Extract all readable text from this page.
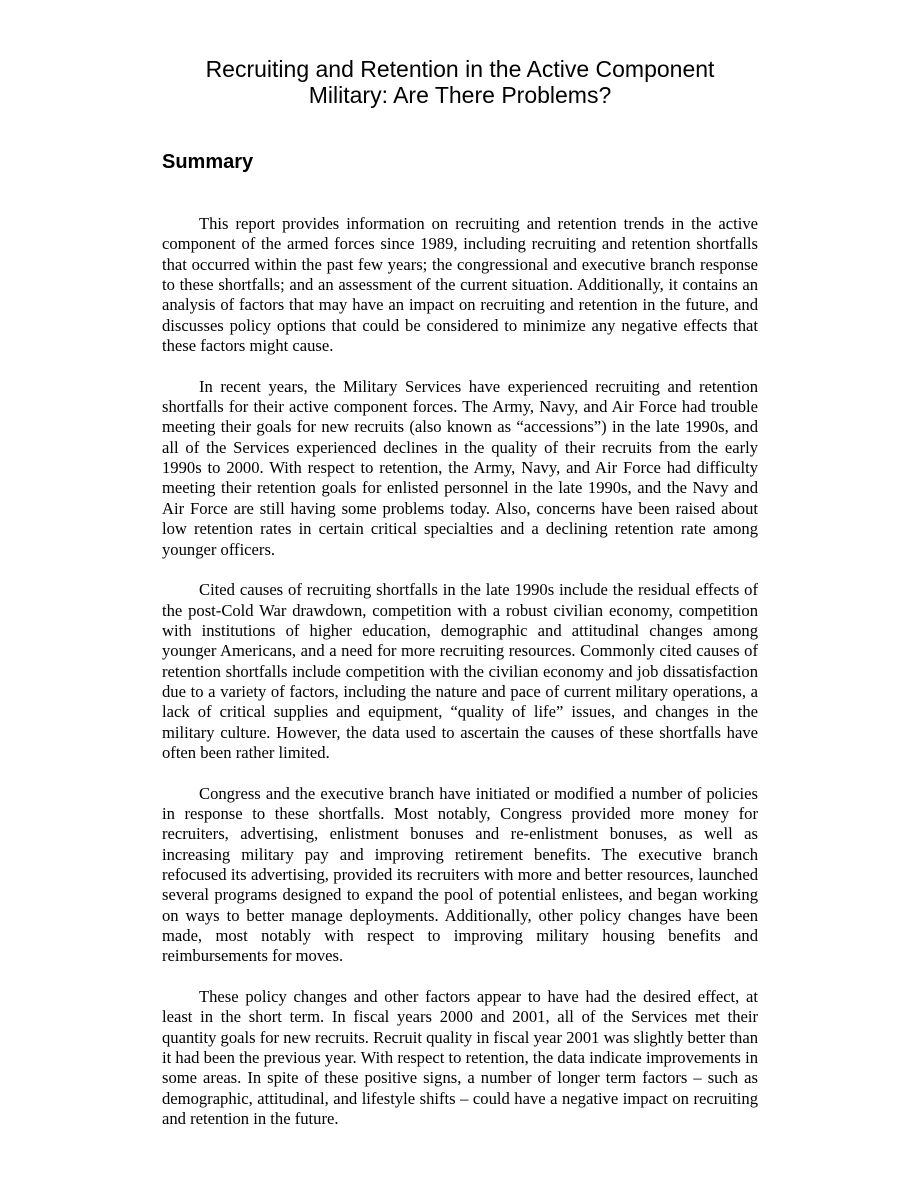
Recruiting and Retention in the Active Component
Military: Are There Problems?
Summary

This report provides information on recruiting and retention trends in the active component of the armed forces since 1989, including recruiting and retention shortfalls that occurred within the past few years; the congressional and executive branch response to these shortfalls; and an assessment of the current situation. Additionally, it contains an analysis of factors that may have an impact on recruiting and retention in the future, and discusses policy options that could be considered to minimize any negative effects that these factors might cause.

In recent years, the Military Services have experienced recruiting and retention shortfalls for their active component forces. The Army, Navy, and Air Force had trouble meeting their goals for new recruits (also known as “accessions”) in the late 1990s, and all of the Services experienced declines in the quality of their recruits from the early 1990s to 2000. With respect to retention, the Army, Navy, and Air Force had difficulty meeting their retention goals for enlisted personnel in the late 1990s, and the Navy and Air Force are still having some problems today. Also, concerns have been raised about low retention rates in certain critical specialties and a declining retention rate among younger officers.

Cited causes of recruiting shortfalls in the late 1990s include the residual effects of the post-Cold War drawdown, competition with a robust civilian economy, competition with institutions of higher education, demographic and attitudinal changes among younger Americans, and a need for more recruiting resources. Commonly cited causes of retention shortfalls include competition with the civilian economy and job dissatisfaction due to a variety of factors, including the nature and pace of current military operations, a lack of critical supplies and equipment, “quality of life” issues, and changes in the military culture. However, the data used to ascertain the causes of these shortfalls have often been rather limited.

Congress and the executive branch have initiated or modified a number of policies in response to these shortfalls. Most notably, Congress provided more money for recruiters, advertising, enlistment bonuses and re-enlistment bonuses, as well as increasing military pay and improving retirement benefits. The executive branch refocused its advertising, provided its recruiters with more and better resources, launched several programs designed to expand the pool of potential enlistees, and began working on ways to better manage deployments. Additionally, other policy changes have been made, most notably with respect to improving military housing benefits and reimbursements for moves.

These policy changes and other factors appear to have had the desired effect, at least in the short term. In fiscal years 2000 and 2001, all of the Services met their quantity goals for new recruits. Recruit quality in fiscal year 2001 was slightly better than it had been the previous year. With respect to retention, the data indicate improvements in some areas. In spite of these positive signs, a number of longer term factors – such as demographic, attitudinal, and lifestyle shifts – could have a negative impact on recruiting and retention in the future.
